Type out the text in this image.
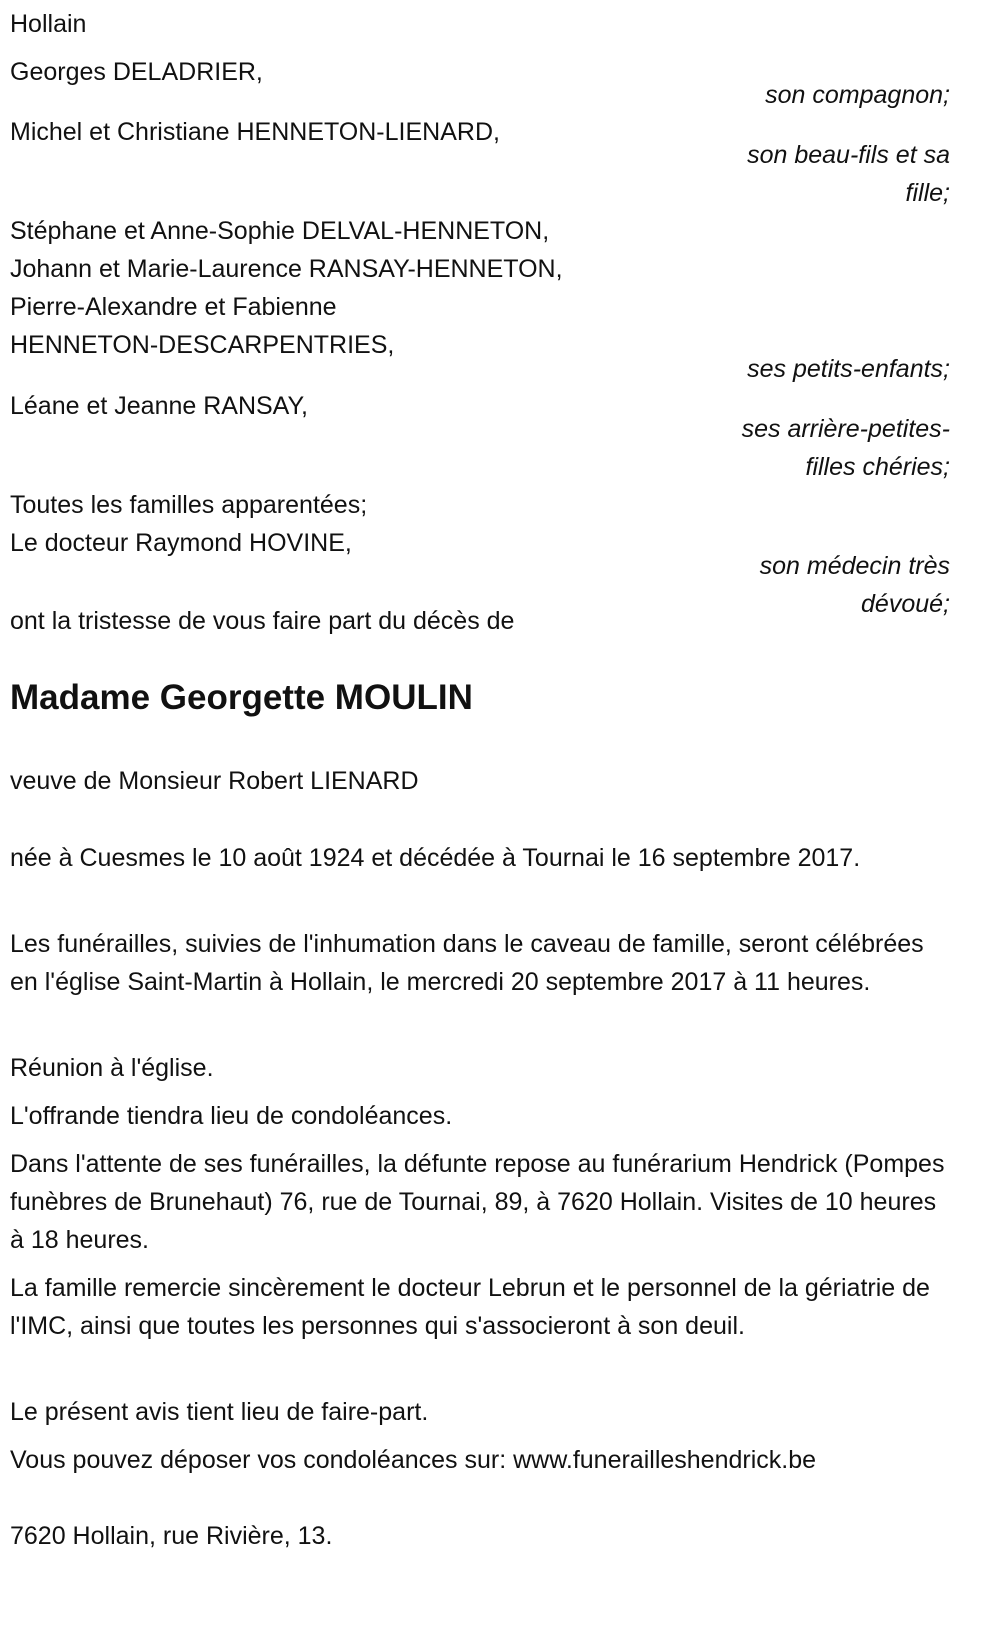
Hollain
Georges DELADRIER,
son compagnon;
Michel et Christiane HENNETON-LIENARD,
son beau-fils et sa fille;
Stéphane et Anne-Sophie DELVAL-HENNETON,
Johann et Marie-Laurence RANSAY-HENNETON,
Pierre-Alexandre et Fabienne
HENNETON-DESCARPENTRIES,
ses petits-enfants;
Léane et Jeanne RANSAY,
ses arrière-petites-filles chéries;
Toutes les familles apparentées;
Le docteur Raymond HOVINE,
son médecin très dévoué;
ont la tristesse de vous faire part du décès de
Madame Georgette MOULIN
veuve de Monsieur Robert LIENARD
née à Cuesmes le 10 août 1924 et décédée à Tournai le 16 septembre 2017.
Les funérailles, suivies de l'inhumation dans le caveau de famille, seront célébrées en l'église Saint-Martin à Hollain, le mercredi 20 septembre 2017 à 11 heures.
Réunion à l'église.
L'offrande tiendra lieu de condoléances.
Dans l'attente de ses funérailles, la défunte repose au funérarium Hendrick (Pompes funèbres de Brunehaut) 76, rue de Tournai, 89, à 7620 Hollain. Visites de 10 heures à 18 heures.
La famille remercie sincèrement le docteur Lebrun et le personnel de la gériatrie de l'IMC, ainsi que toutes les personnes qui s'associeront à son deuil.
Le présent avis tient lieu de faire-part.
Vous pouvez déposer vos condoléances sur: www.funerailleshendrick.be
7620 Hollain, rue Rivière, 13.
